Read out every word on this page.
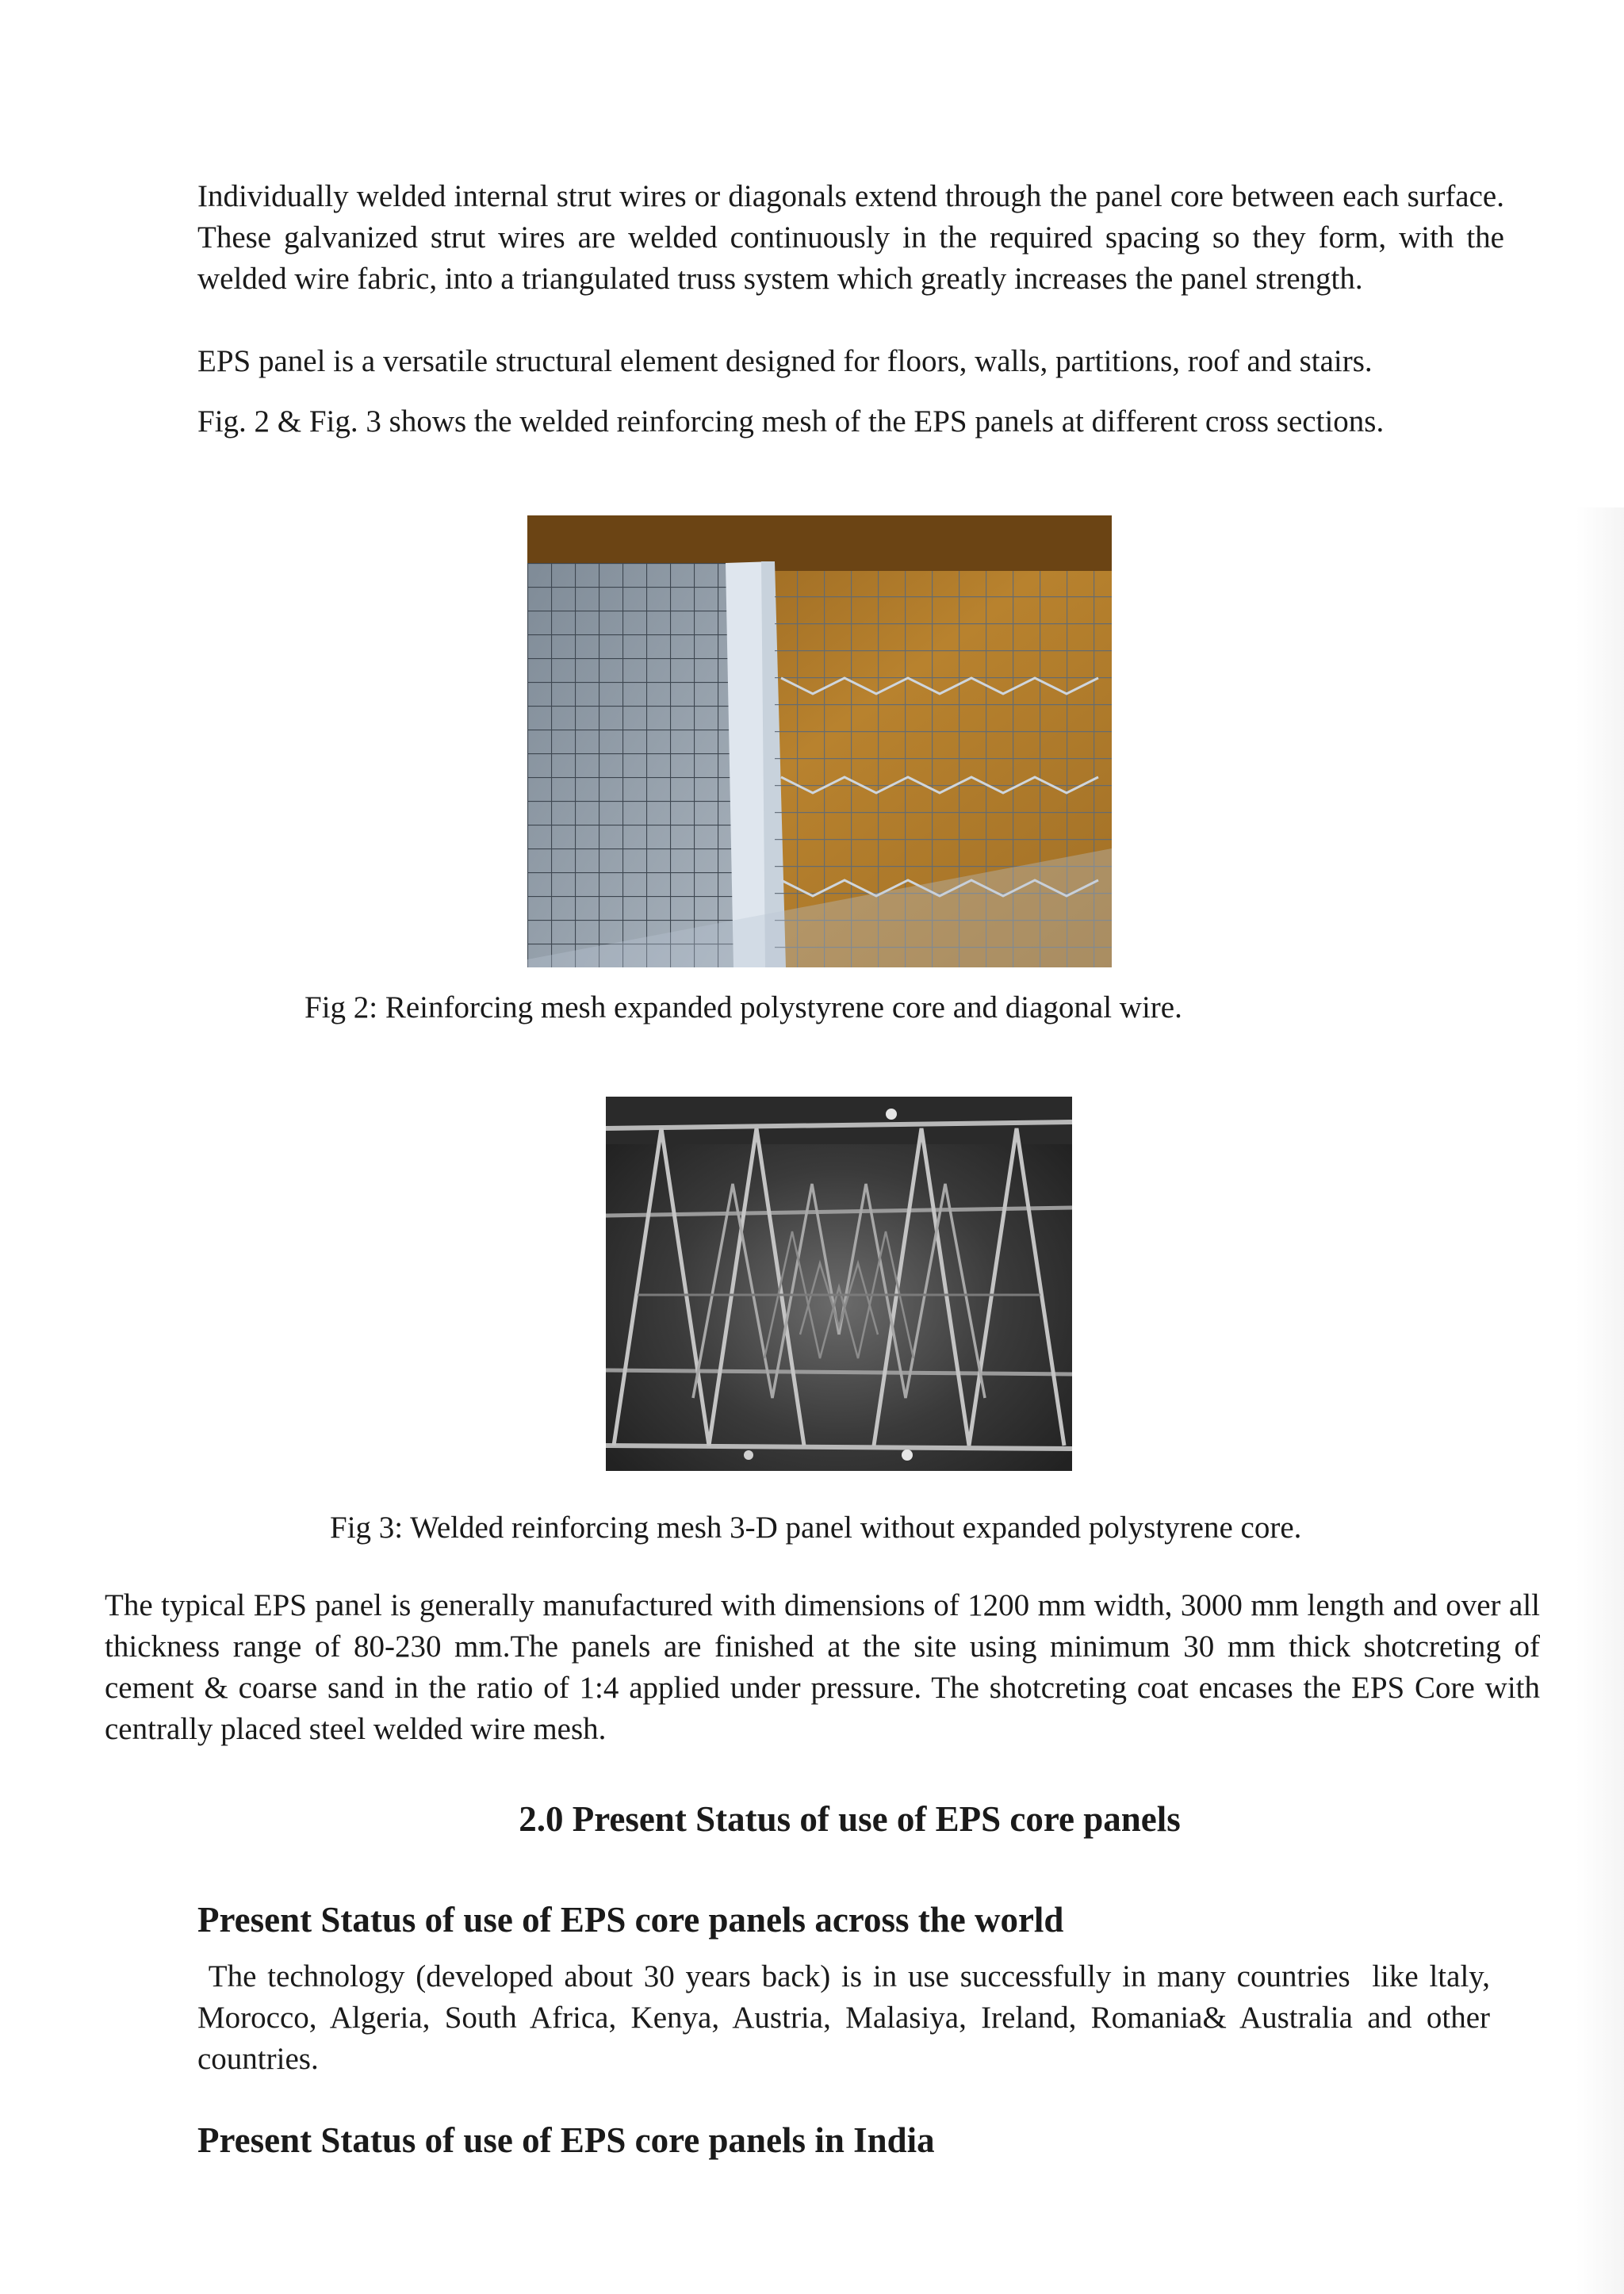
Individually welded internal strut wires or diagonals extend through the panel core between each surface. These galvanized strut wires are welded continuously in the required spacing so they form, with the welded wire fabric, into a triangulated truss system which greatly increases the panel strength.

EPS panel is a versatile structural element designed for floors, walls, partitions, roof and stairs.

Fig. 2 & Fig. 3 shows the welded reinforcing mesh of the EPS panels at different cross sections.

Fig 2: Reinforcing mesh expanded polystyrene core and diagonal wire.
Fig 3: Welded reinforcing mesh 3-D panel without expanded polystyrene core.

The typical EPS panel is generally manufactured with dimensions of 1200 mm width, 3000 mm length and over all thickness range of 80-230 mm.The panels are finished at the site using minimum 30 mm thick shotcreting of cement & coarse sand in the ratio of 1:4 applied under pressure. The shotcreting coat encases the EPS Core with centrally placed steel welded wire mesh.

2.0 Present Status of use of EPS core panels
Present Status of use of EPS core panels across the world

The technology (developed about 30 years back) is in use successfully in many countries  like ltaly, Morocco, Algeria, South Africa, Kenya, Austria, Malasiya, Ireland, Romania& Australia and other countries.

Present Status of use of EPS core panels in India
